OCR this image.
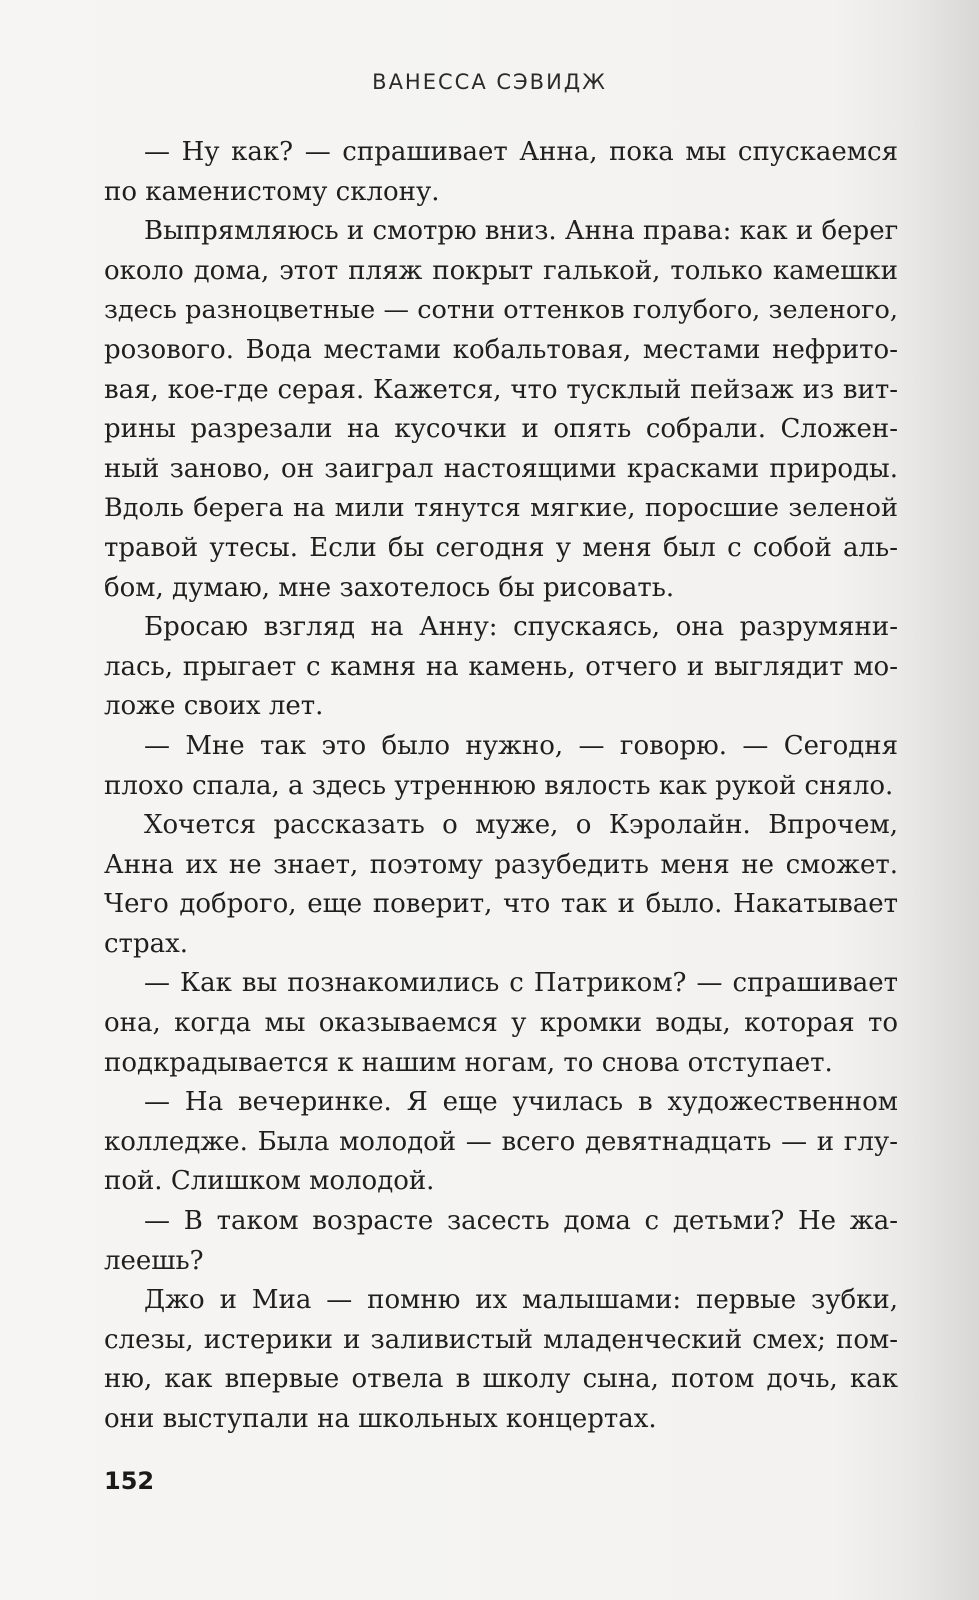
ВАНЕССА СЭВИДЖ
— Ну как? — спрашивает Анна, пока мы спускаемся
по каменистому склону.
Выпрямляюсь и смотрю вниз. Анна права: как и берег
около дома, этот пляж покрыт галькой, только камешки
здесь разноцветные — сотни оттенков голубого, зеленого,
розового. Вода местами кобальтовая, местами нефрито-
вая, кое-где серая. Кажется, что тусклый пейзаж из вит-
рины разрезали на кусочки и опять собрали. Сложен-
ный заново, он заиграл настоящими красками природы.
Вдоль берега на мили тянутся мягкие, поросшие зеленой
травой утесы. Если бы сегодня у меня был с собой аль-
бом, думаю, мне захотелось бы рисовать.
Бросаю взгляд на Анну: спускаясь, она разрумяни-
лась, прыгает с камня на камень, отчего и выглядит мо-
ложе своих лет.
— Мне так это было нужно, — говорю. — Сегодня
плохо спала, а здесь утреннюю вялость как рукой сняло.
Хочется рассказать о муже, о Кэролайн. Впрочем,
Анна их не знает, поэтому разубедить меня не сможет.
Чего доброго, еще поверит, что так и было. Накатывает
страх.
— Как вы познакомились с Патриком? — спрашивает
она, когда мы оказываемся у кромки воды, которая то
подкрадывается к нашим ногам, то снова отступает.
— На вечеринке. Я еще училась в художественном
колледже. Была молодой — всего девятнадцать — и глу-
пой. Слишком молодой.
— В таком возрасте засесть дома с детьми? Не жа-
леешь?
Джо и Миа — помню их малышами: первые зубки,
слезы, истерики и заливистый младенческий смех; пом-
ню, как впервые отвела в школу сына, потом дочь, как
они выступали на школьных концертах.
152
